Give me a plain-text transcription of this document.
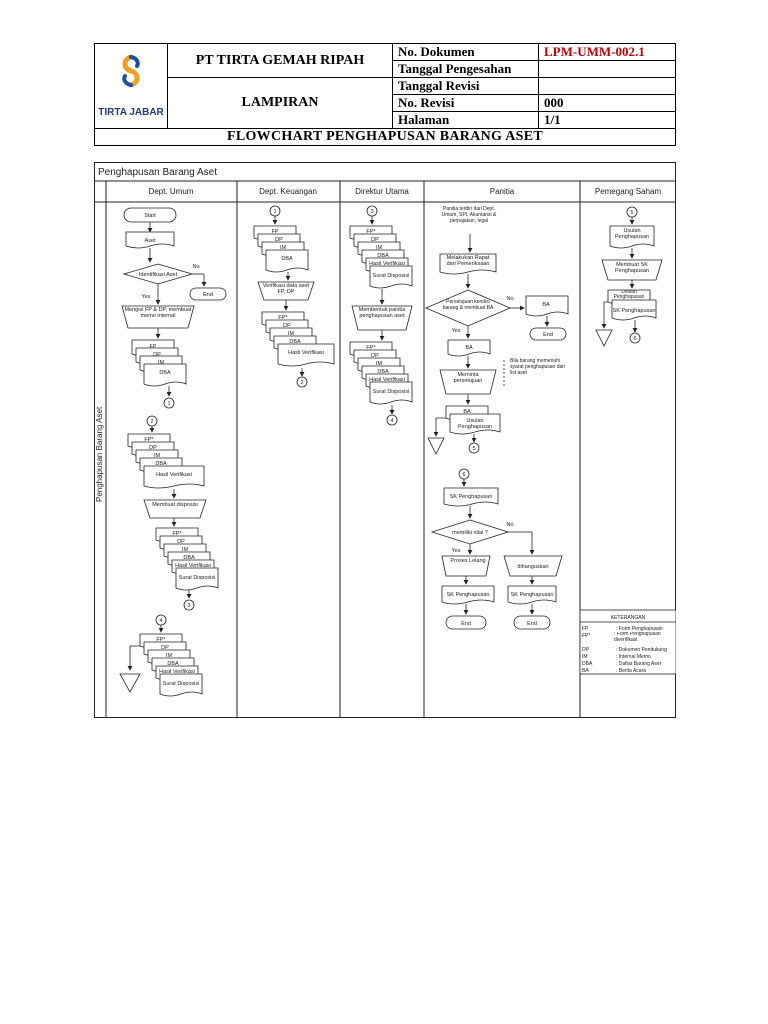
TIRTA JABAR	PT TIRTA GEMAH RIPAH	No. Dokumen	LPM-UMM-002.1
		Tanggal Pengesahan	
	LAMPIRAN	Tanggal Revisi	
		No. Revisi	000
		Halaman	1/1
FLOWCHART PENGHAPUSAN BARANG ASET			
Penghapusan Barang Aset
Penghapusan Barang Aset
Dept. Umum	Dept. Keuangan	Direktur Utama	Panitia	Pemegang Saham
Start
Aset
Identifikasi Aset
No
End
Yes
Mengisi FP & DP, membuat memo internal
FP
DP
IM
DBA
1
2
FP*
DP
IM
DBA
Hasil Verifikasi
Membuat disposisi
FP*
DP
IM
DBA
Hasil Verifikasi
Surat Disposisi
3
4
FP*
DP
IM
DBA
Hasil Verifikasi
Surat Disposisi
1
FP
DP
IM
DBA
Verifikasi data aset FP, DP
FP*
DP
IM
DBA
Hasil Verifikasi
2
3
FP*
DP
IM
DBA
Hasil Verifikasi
Surat Disposisi
Membentuk panitia penghapusan aset
FP*
DP
IM
DBA
Hasil Verifikasi
Surat Disposisi
4
Panitia terdiri dari Dept. Umum, SPI, Akuntansi & perpajakan, legal
Melakukan Rapat dan Pemeriksaan
Persetujuan kondisi barang & membuat BA
No
BA
End
Yes
BA
Bila barang memenuhi syarat penghapusan dari list aset
Meminta persetujuan
BA
Usulan Penghapusan
5
6
SK Penghapusan
memiliki nilai ?
No
Yes
Proses Lelang
dihanguskan
SK Penghapusan	SK Penghapusan
End	End
5
Usulan Penghapusan
Membuat SK Penghapusan
Usulan Penghapusan
SK Penghapusan
6
KETERANGAN
FP	: Form Penghapusan
FP*	: Form Penghapusan diverifikasi
DP	: Dokumen Pendukung
IM	: Internal Memo
DBA	: Daftar Barang Aset
BA	: Berita Acara
